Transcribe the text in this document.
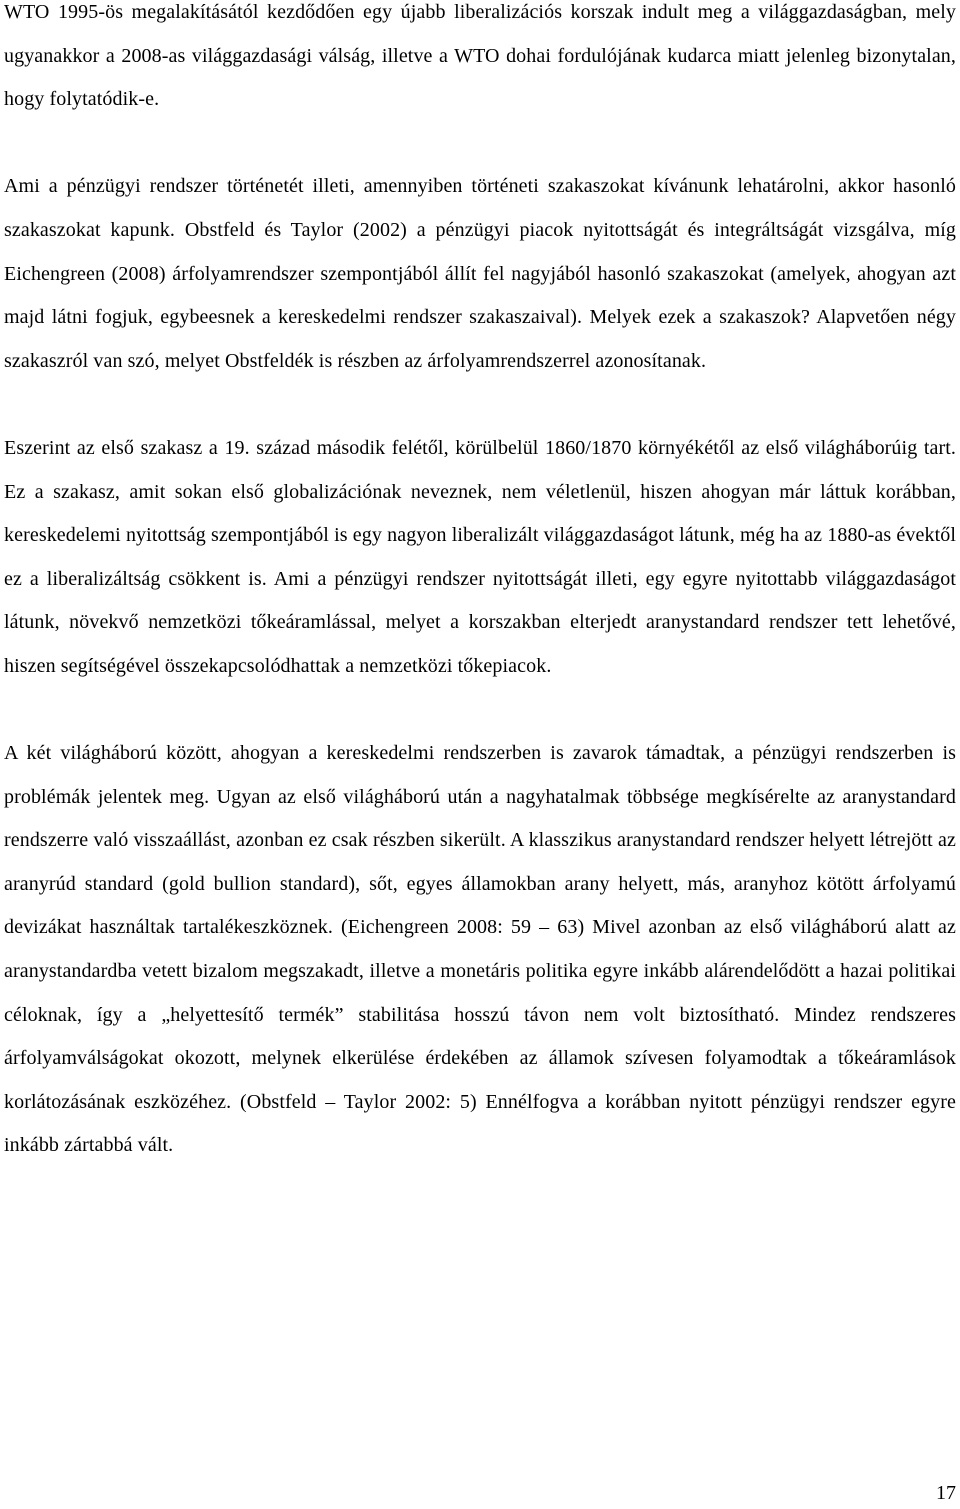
WTO 1995-ös megalakításától kezdődően egy újabb liberalizációs korszak indult meg a világgazdaságban, mely ugyanakkor a 2008-as világgazdasági válság, illetve a WTO dohai fordulójának kudarca miatt jelenleg bizonytalan, hogy folytatódik-e.

Ami a pénzügyi rendszer történetét illeti, amennyiben történeti szakaszokat kívánunk lehatárolni, akkor hasonló szakaszokat kapunk. Obstfeld és Taylor (2002) a pénzügyi piacok nyitottságát és integráltságát vizsgálva, míg Eichengreen (2008) árfolyamrendszer szempontjából állít fel nagyjából hasonló szakaszokat (amelyek, ahogyan azt majd látni fogjuk, egybeesnek a kereskedelmi rendszer szakaszaival). Melyek ezek a szakaszok? Alapvetően négy szakaszról van szó, melyet Obstfeldék is részben az árfolyamrendszerrel azonosítanak.

Eszerint az első szakasz a 19. század második felétől, körülbelül 1860/1870 környékétől az első világháborúig tart. Ez a szakasz, amit sokan első globalizációnak neveznek, nem véletlenül, hiszen ahogyan már láttuk korábban, kereskedelemi nyitottság szempontjából is egy nagyon liberalizált világgazdaságot látunk, még ha az 1880-as évektől ez a liberalizáltság csökkent is. Ami a pénzügyi rendszer nyitottságát illeti, egy egyre nyitottabb világgazdaságot látunk, növekvő nemzetközi tőkeáramlással, melyet a korszakban elterjedt aranystandard rendszer tett lehetővé, hiszen segítségével összekapcsolódhattak a nemzetközi tőkepiacok.

A két világháború között, ahogyan a kereskedelmi rendszerben is zavarok támadtak, a pénzügyi rendszerben is problémák jelentek meg. Ugyan az első világháború után a nagyhatalmak többsége megkísérelte az aranystandard rendszerre való visszaállást, azonban ez csak részben sikerült. A klasszikus aranystandard rendszer helyett létrejött az aranyrúd standard (gold bullion standard), sőt, egyes államokban arany helyett, más, aranyhoz kötött árfolyamú devizákat használtak tartalékeszköznek. (Eichengreen 2008: 59 – 63) Mivel azonban az első világháború alatt az aranystandardba vetett bizalom megszakadt, illetve a monetáris politika egyre inkább alárendelődött a hazai politikai céloknak, így a „helyettesítő termék” stabilitása hosszú távon nem volt biztosítható. Mindez rendszeres árfolyamválságokat okozott, melynek elkerülése érdekében az államok szívesen folyamodtak a tőkeáramlások korlátozásának eszközéhez. (Obstfeld – Taylor 2002: 5) Ennélfogva a korábban nyitott pénzügyi rendszer egyre inkább zártabbá vált.

17
